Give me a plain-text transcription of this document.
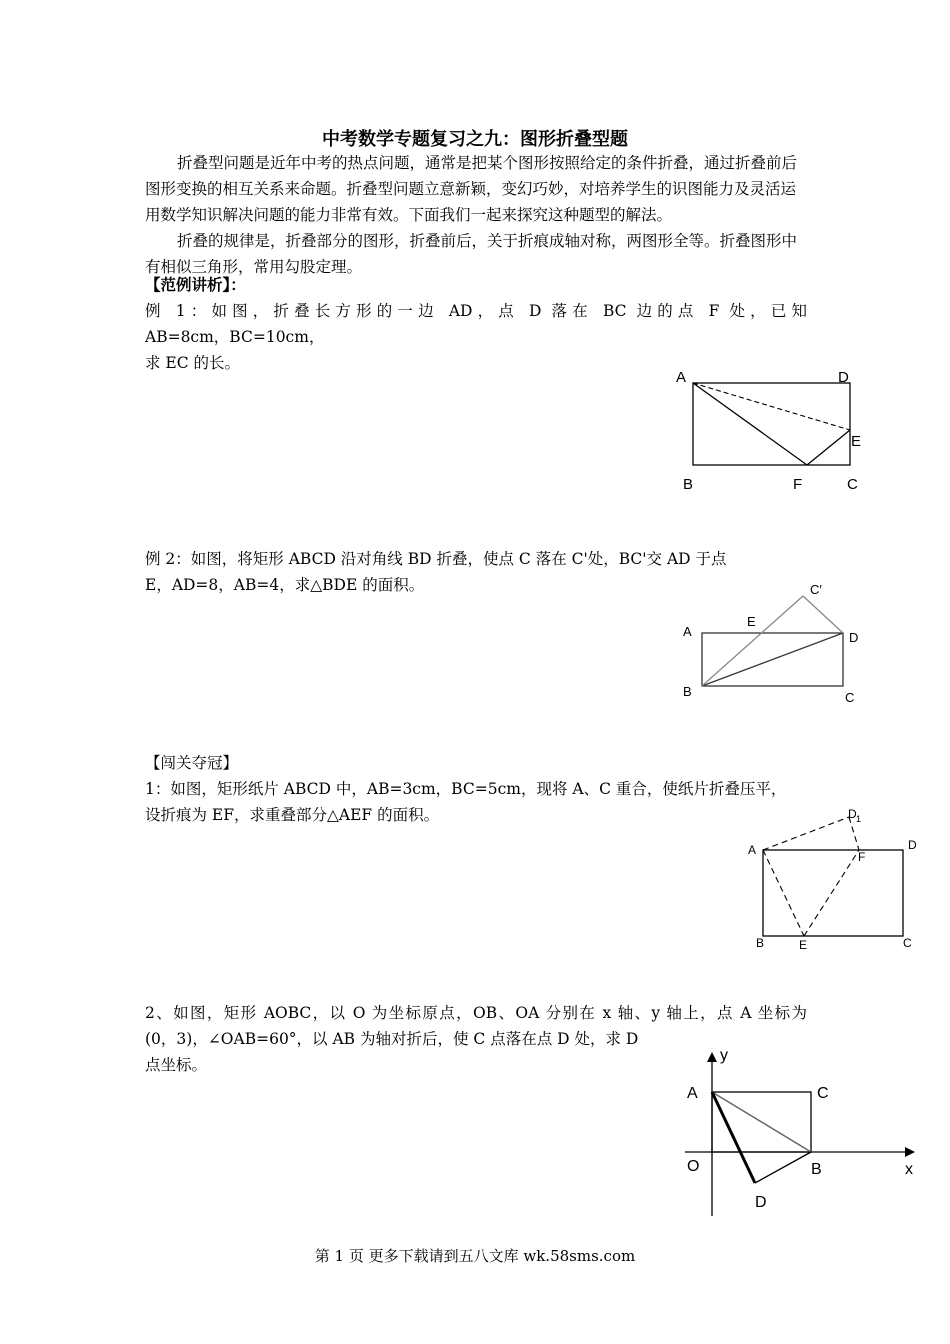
中考数学专题复习之九：图形折叠型题
折叠型问题是近年中考的热点问题，通常是把某个图形按照给定的条件折叠，通过折叠前后图形变换的相互关系来命题。折叠型问题立意新颖，变幻巧妙，对培养学生的识图能力及灵活运用数学知识解决问题的能力非常有效。下面我们一起来探究这种题型的解法。
折叠的规律是，折叠部分的图形，折叠前后，关于折痕成轴对称，两图形全等。折叠图形中有相似三角形，常用勾股定理。
【范例讲析】：
例 1：如图，折叠长方形的一边 AD，点 D 落在 BC 边的点 F 处，已知
AB=8cm，BC=10cm，
求 EC 的长。
A	D
E
B	F	C
例 2：如图，将矩形 ABCD 沿对角线 BD 折叠，使点 C 落在 C'处，BC'交 AD 于点
E，AD=8，AB=4，求△BDE 的面积。	C′
E
A	D
B	C
【闯关夺冠】
1：如图，矩形纸片 ABCD 中，AB=3cm，BC=5cm，现将 A、C 重合，使纸片折叠压平，
设折痕为 EF，求重叠部分△AEF 的面积。	D 1
A	F
D
B	E	C
2、如图，矩形 AOBC，以 O 为坐标原点，OB、OA 分别在 x 轴、y 轴上，点 A 坐标为
(0，3)，∠OAB=60°，以 AB 为轴对折后，使 C 点落在点 D 处，求 D
点坐标。
y
A	C
O	B	x
D
第 1 页 更多下载请到五八文库 wk.58sms.com
